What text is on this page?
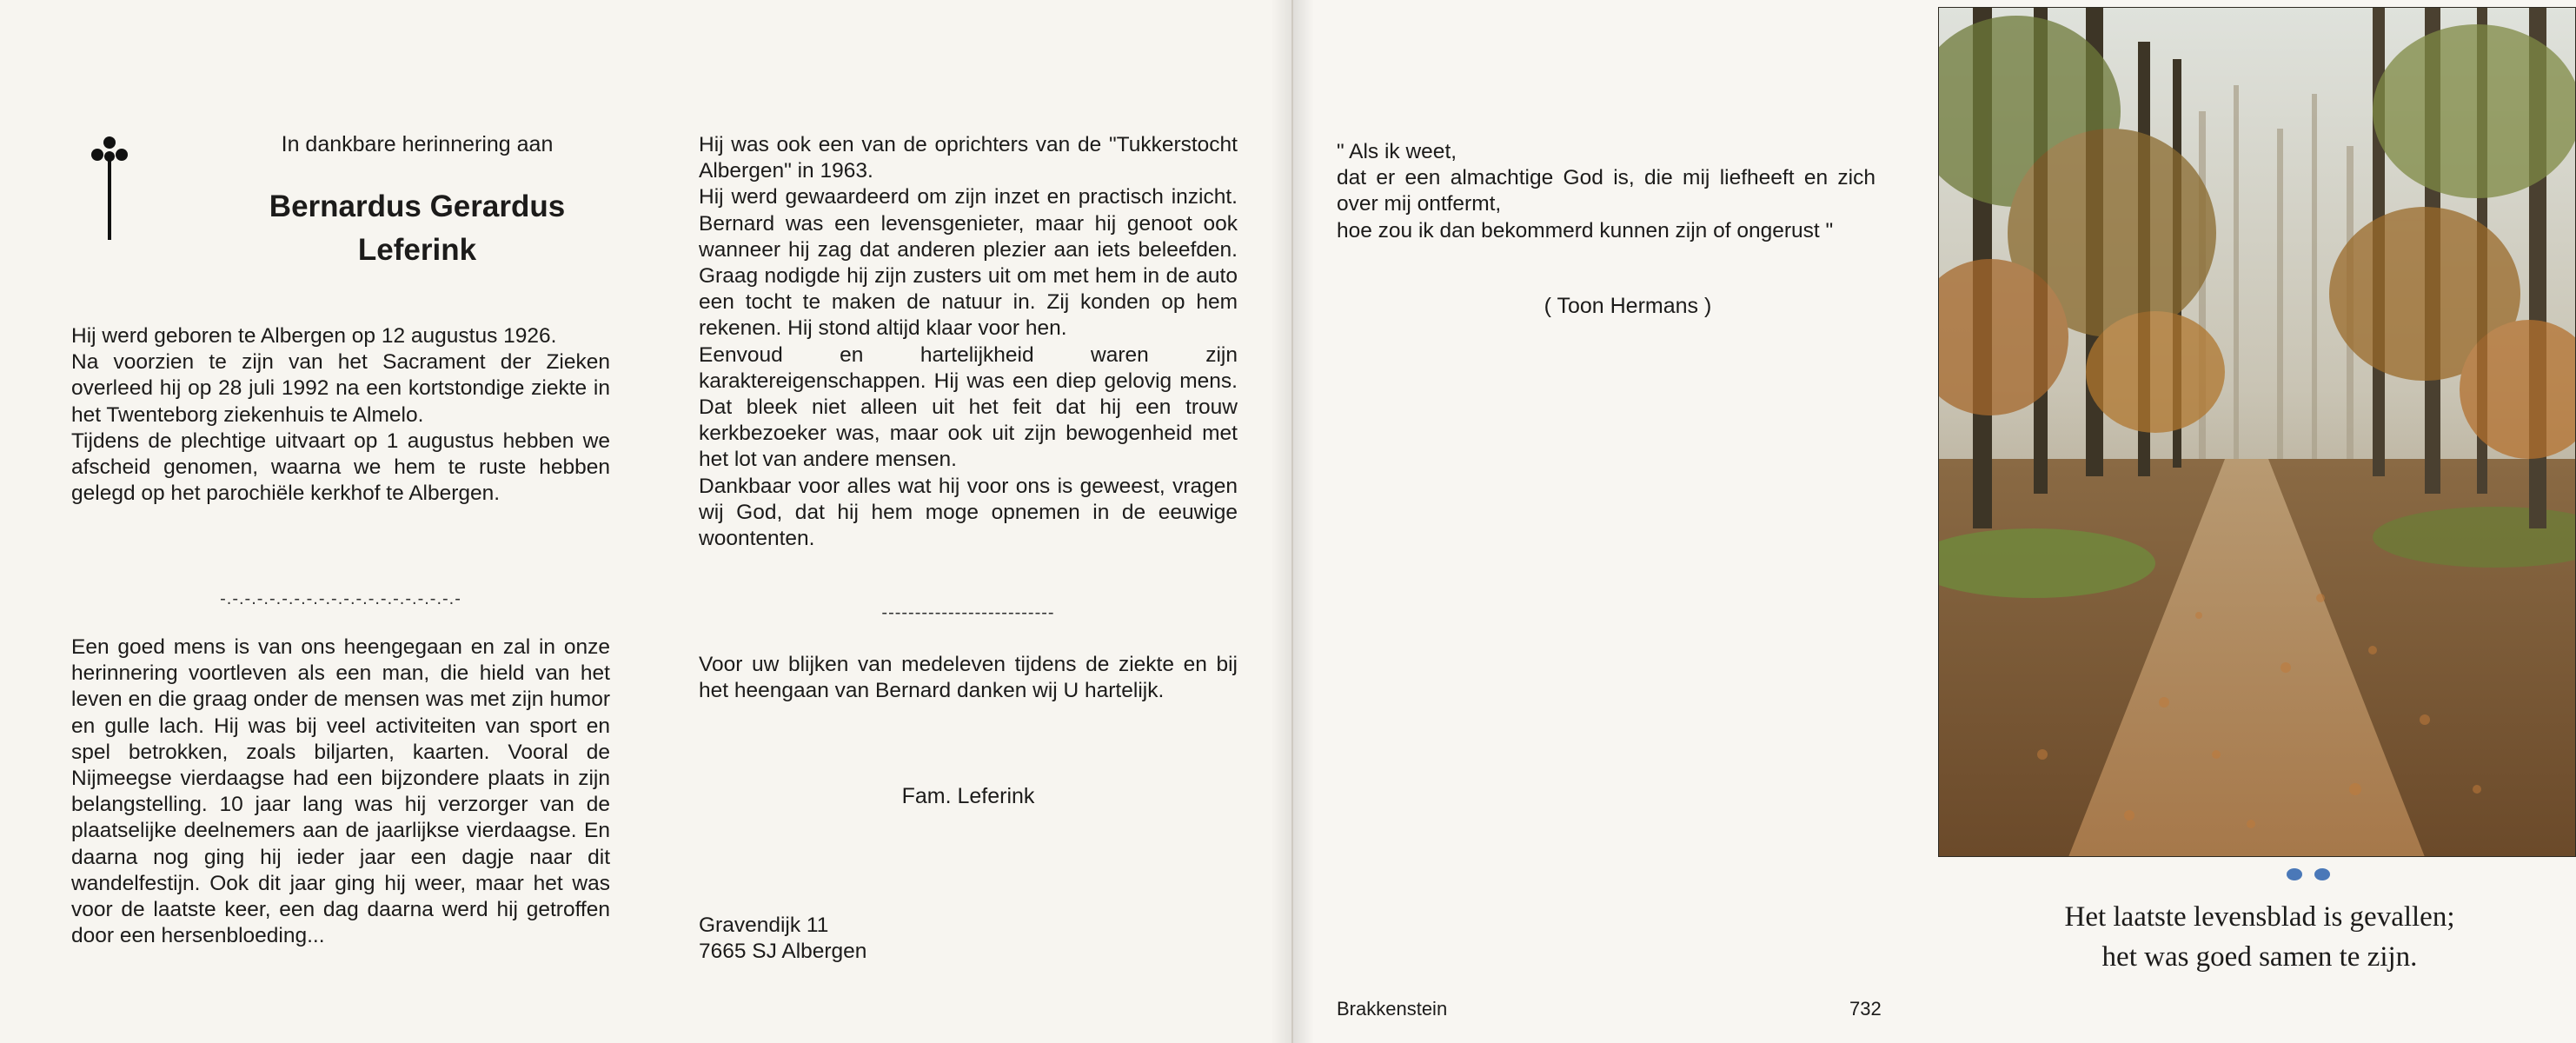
In dankbare herinnering aan
Bernardus Gerardus
Leferink

Hij werd geboren te Albergen op 12 augustus 1926.

Na voorzien te zijn van het Sacrament der Zieken overleed hij op 28 juli 1992 na een kortstondige ziekte in het Twenteborg ziekenhuis te Almelo.

Tijdens de plechtige uitvaart op 1 augustus hebben we afscheid genomen, waarna we hem te ruste hebben gelegd op het parochiële kerkhof te Albergen.

-.-.-.-.-.-.-.-.-.-.-.-.-.-.-.-.-.-.-.-

Een goed mens is van ons heengegaan en zal in onze herinnering voortleven als een man, die hield van het leven en die graag onder de mensen was met zijn humor en gulle lach. Hij was bij veel activiteiten van sport en spel betrokken, zoals biljarten, kaarten. Vooral de Nijmeegse vierdaagse had een bijzondere plaats in zijn belangstelling. 10 jaar lang was hij verzorger van de plaatselijke deelnemers aan de jaarlijkse vierdaagse. En daarna nog ging hij ieder jaar een dagje naar dit wandelfestijn. Ook dit jaar ging hij weer, maar het was voor de laatste keer, een dag daarna werd hij getroffen door een hersenbloeding...

Hij was ook een van de oprichters van de "Tukkerstocht Albergen" in 1963.

Hij werd gewaardeerd om zijn inzet en practisch inzicht. Bernard was een levensgenieter, maar hij genoot ook wanneer hij zag dat anderen plezier aan iets beleefden. Graag nodigde hij zijn zusters uit om met hem in de auto een tocht te maken de natuur in. Zij konden op hem rekenen. Hij stond altijd klaar voor hen.

Eenvoud en hartelijkheid waren zijn karaktereigenschappen. Hij was een diep gelovig mens. Dat bleek niet alleen uit het feit dat hij een trouw kerkbezoeker was, maar ook uit zijn bewogenheid met het lot van andere mensen.

Dankbaar voor alles wat hij voor ons is geweest, vragen wij God, dat hij hem moge opnemen in de eeuwige woontenten.

--------------------------

Voor uw blijken van medeleven tijdens de ziekte en bij het heengaan van Bernard danken wij U hartelijk.

Fam. Leferink
Gravendijk 11
7665 SJ Albergen

" Als ik weet,

dat er een almachtige God is, die mij liefheeft en zich over mij ontfermt,

hoe zou ik dan bekommerd kunnen zijn of ongerust "

( Toon Hermans )
Brakkenstein	732
Het laatste levensblad is gevallen;
het was goed samen te zijn.
